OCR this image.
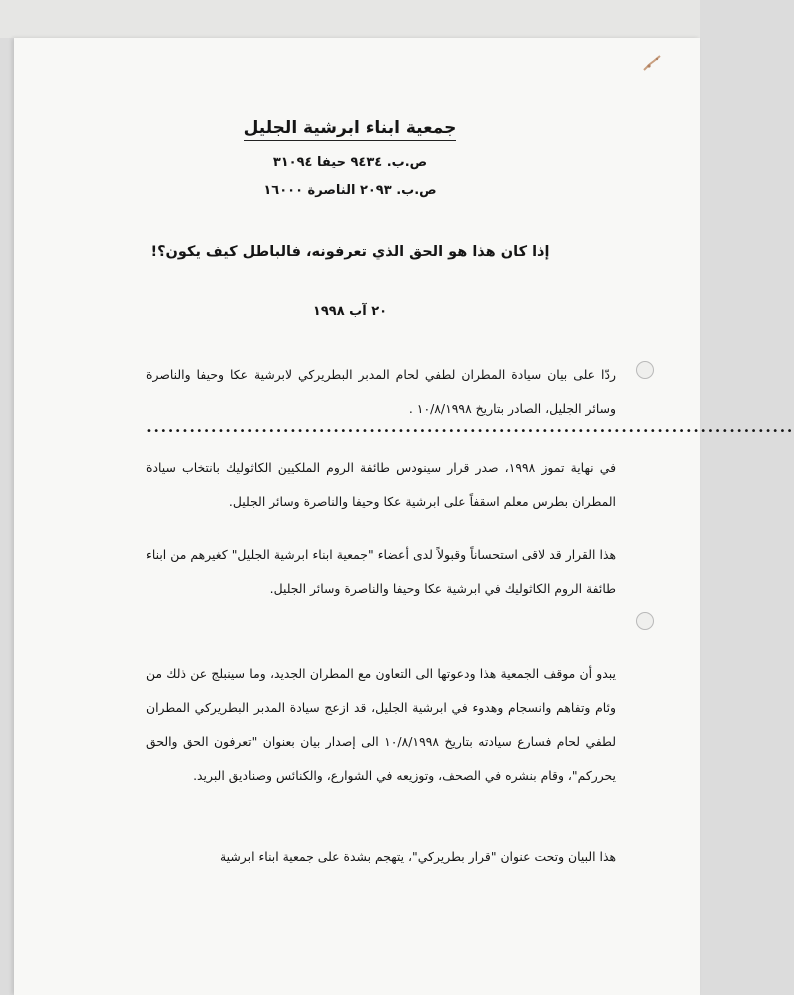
جمعية ابناء ابرشية الجليل
ص.ب. ٩٤٣٤ حيفا ٣١٠٩٤
ص.ب. ٢٠٩٣ الناصرة ١٦٠٠٠
إذا كان هذا هو الحق الذي تعرفونه، فالباطل كيف يكون؟!
٢٠ آب ١٩٩٨
ردّا على بيان سيادة المطران لطفي لحام المدبر البطريركي لابرشية عكا وحيفا والناصرة وسائر الجليل، الصادر بتاريخ ١٠/٨/١٩٩٨ .
••••••••••••••••••••••••••••••••••••••••••••••••••••••••••••••••••••••••••••••••••••••••••
في نهاية تموز ١٩٩٨، صدر قرار سينودس طائفة الروم الملكيين الكاثوليك بانتخاب سيادة المطران بطرس معلم اسقفاً على ابرشية عكا وحيفا والناصرة وسائر الجليل.
هذا القرار قد لاقى استحساناً وقبولاً لدى أعضاء "جمعية ابناء ابرشية الجليل" كغيرهم من ابناء طائفة الروم الكاثوليك في ابرشية عكا وحيفا والناصرة وسائر الجليل.
يبدو أن موقف الجمعية هذا ودعوتها الى التعاون مع المطران الجديد، وما سينبلج عن ذلك من وئام وتفاهم وانسجام وهدوء في ابرشية الجليل، قد ازعج سيادة المدبر البطريركي المطران لطفي لحام فسارع سيادته بتاريخ ١٠/٨/١٩٩٨ الى إصدار بيان بعنوان "تعرفون الحق والحق يحرركم"، وقام بنشره في الصحف، وتوزيعه في الشوارع، والكنائس وصناديق البريد.
هذا البيان وتحت عنوان "قرار بطريركي"، يتهجم بشدة على جمعية ابناء ابرشية
